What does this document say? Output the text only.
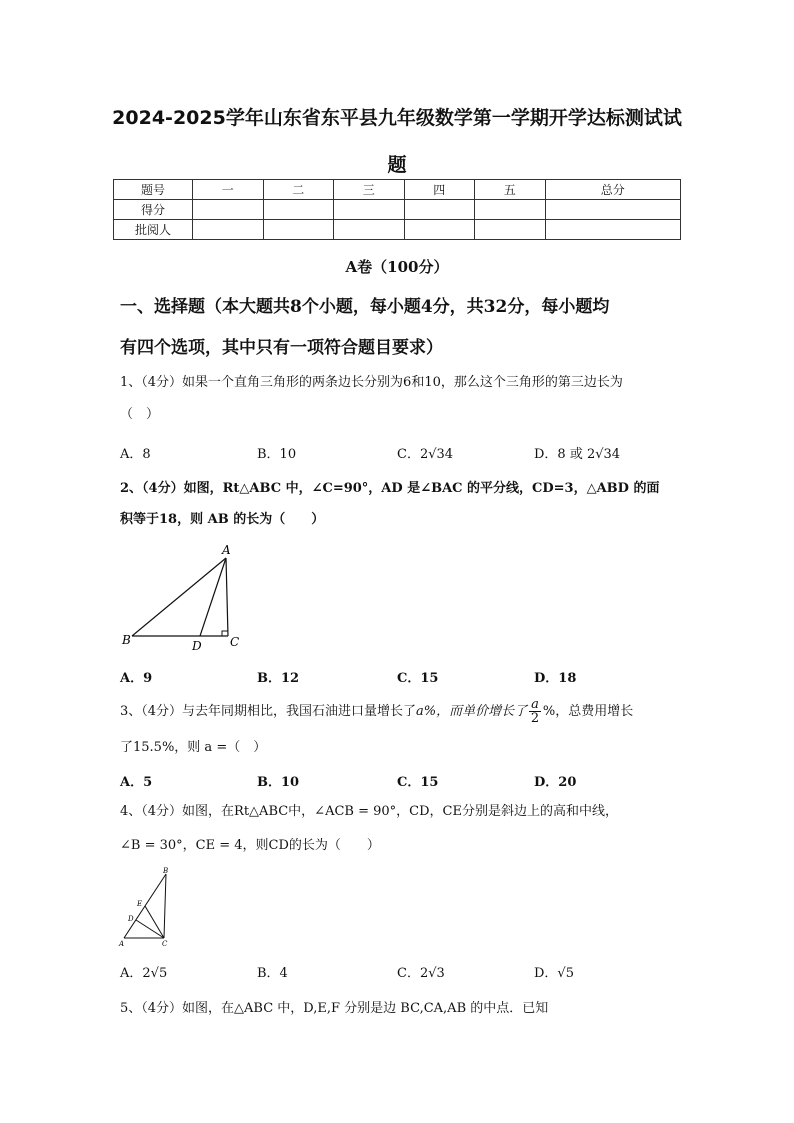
2024-2025学年山东省东平县九年级数学第一学期开学达标测试试
题
题号	一	二	三	四	五	总分
得分						
批阅人						
A卷（100分）
一、选择题（本大题共8个小题，每小题4分，共32分，每小题均
有四个选项，其中只有一项符合题目要求）
1、（4分）如果一个直角三角形的两条边长分别为6和10，那么这个三角形的第三边长为
（　）
A．8	B．10	C．2√34	D．8 或 2√34
2、（4分）如图，Rt△ABC 中，∠C=90°，AD 是∠BAC 的平分线，CD=3，△ABD 的面
积等于18，则 AB 的长为（　　）
A
B	D C
A．9	B．12	C．15	D．18
3、（4分）与去年同期相比，我国石油进口量增长了a%，而单价增长了 $\frac{a}{2}$ %，总费用增长
了15.5%，则 a =（　）
A．5	B．10	C．15	D．20
4、（4分）如图，在Rt△ABC中，∠ACB = 90°，CD，CE分别是斜边上的高和中线，
∠B = 30°，CE = 4，则CD的长为（　　）
B
E
D
A	C
A．2√5	B．4	C．2√3	D．√5
5、（4分）如图，在△ABC 中，D,E,F 分别是边 BC,CA,AB 的中点．已知
